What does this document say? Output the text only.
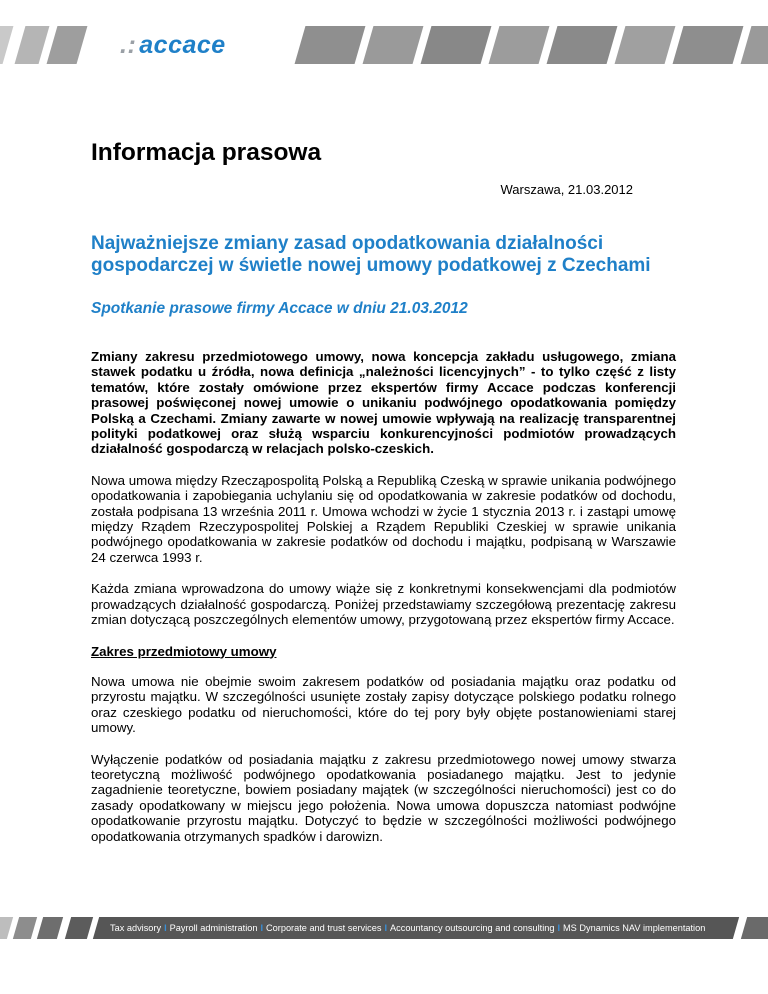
.: accace
Informacja prasowa
Warszawa, 21.03.2012
Najważniejsze zmiany zasad opodatkowania działalności gospodarczej w świetle nowej umowy podatkowej z Czechami
Spotkanie prasowe firmy Accace w dniu 21.03.2012

Zmiany zakresu przedmiotowego umowy, nowa koncepcja zakładu usługowego, zmiana stawek podatku u źródła, nowa definicja „należności licencyjnych” - to tylko część z listy tematów, które zostały omówione przez ekspertów firmy Accace podczas konferencji prasowej poświęconej nowej umowie o unikaniu podwójnego opodatkowania pomiędzy Polską a Czechami. Zmiany zawarte w nowej umowie wpływają na realizację transparentnej polityki podatkowej oraz służą wsparciu konkurencyjności podmiotów prowadzących działalność gospodarczą w relacjach polsko-czeskich.

Nowa umowa między Rzecząpospolitą Polską a Republiką Czeską w sprawie unikania podwójnego opodatkowania i zapobiegania uchylaniu się od opodatkowania w zakresie podatków od dochodu, została podpisana 13 września 2011 r. Umowa wchodzi w życie 1 stycznia 2013 r. i zastąpi umowę między Rządem Rzeczypospolitej Polskiej a Rządem Republiki Czeskiej w sprawie unikania podwójnego opodatkowania w zakresie podatków od dochodu i majątku, podpisaną w Warszawie 24 czerwca 1993 r.

Każda zmiana wprowadzona do umowy wiąże się z konkretnymi konsekwencjami dla podmiotów prowadzących działalność gospodarczą. Poniżej przedstawiamy szczegółową prezentację zakresu zmian dotyczącą poszczególnych elementów umowy, przygotowaną przez ekspertów firmy Accace.

Zakres przedmiotowy umowy

Nowa umowa nie obejmie swoim zakresem podatków od posiadania majątku oraz podatku od przyrostu majątku. W szczególności usunięte zostały zapisy dotyczące polskiego podatku rolnego oraz czeskiego podatku od nieruchomości, które do tej pory były objęte postanowieniami starej umowy.

Wyłączenie podatków od posiadania majątku z zakresu przedmiotowego nowej umowy stwarza teoretyczną możliwość podwójnego opodatkowania posiadanego majątku. Jest to jedynie zagadnienie teoretyczne, bowiem posiadany majątek (w szczególności nieruchomości) jest co do zasady opodatkowany w miejscu jego położenia. Nowa umowa dopuszcza natomiast podwójne opodatkowanie przyrostu majątku. Dotyczyć to będzie w szczególności możliwości podwójnego opodatkowania otrzymanych spadków i darowizn.

Tax advisory I Payroll administration I Corporate and trust services I Accountancy outsourcing and consulting I MS Dynamics NAV implementation
